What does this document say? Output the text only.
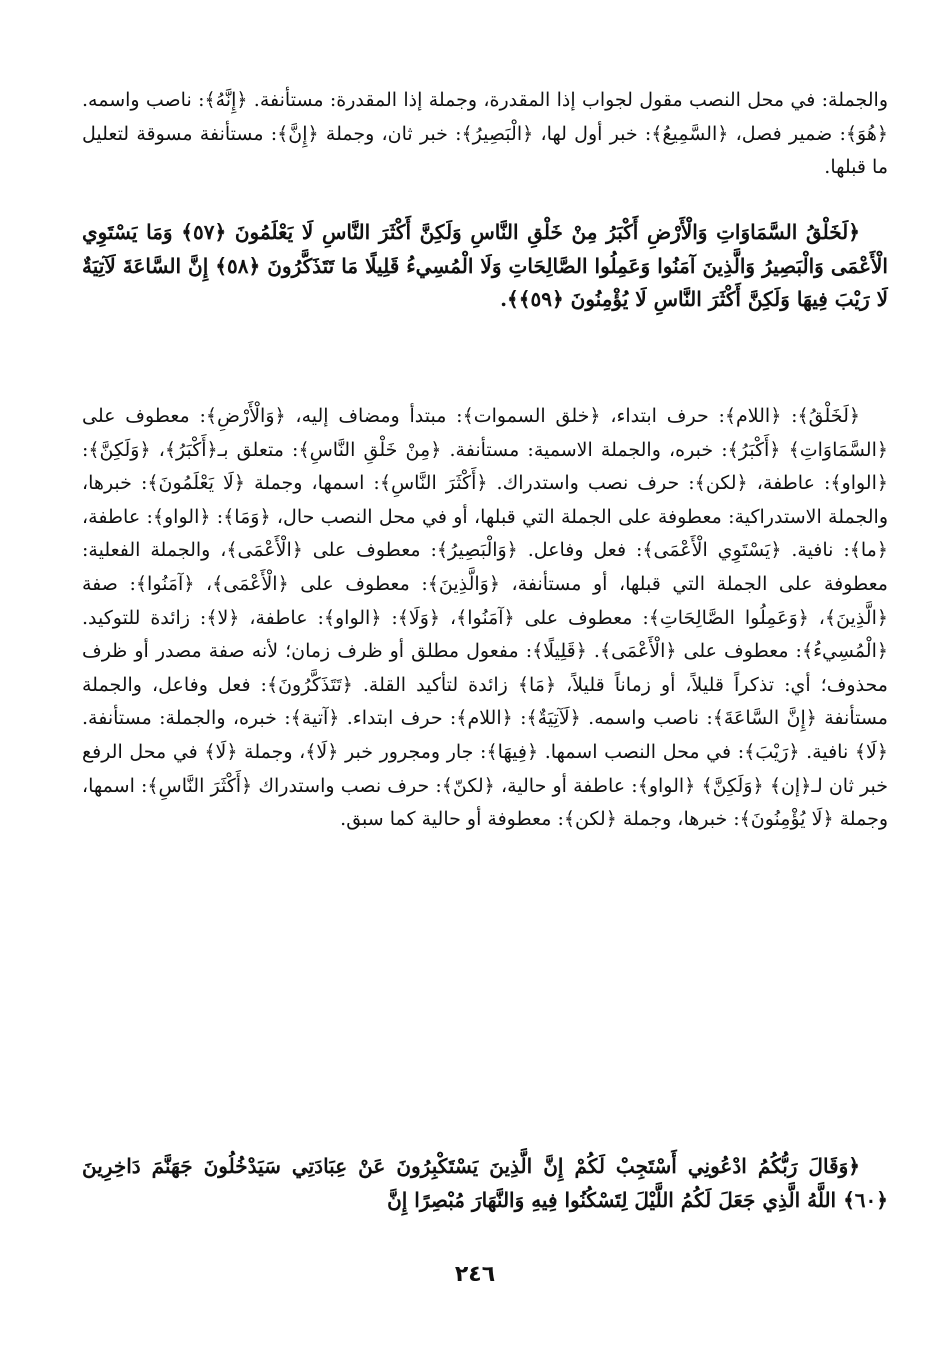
والجملة: في محل النصب مقول لجواب إذا المقدرة، وجملة إذا المقدرة: مستأنفة. ﴿إِنَّهُ﴾: ناصب واسمه. ﴿هُوَ﴾: ضمير فصل، ﴿السَّمِيعُ﴾: خبر أول لها، ﴿الْبَصِيرُ﴾: خبر ثان، وجملة ﴿إِنَّ﴾: مستأنفة مسوقة لتعليل ما قبلها.

﴿لَخَلْقُ السَّمَاوَاتِ وَالْأَرْضِ أَكْبَرُ مِنْ خَلْقِ النَّاسِ وَلَكِنَّ أَكْثَرَ النَّاسِ لَا يَعْلَمُونَ ﴿٥٧﴾ وَمَا يَسْتَوِي الْأَعْمَى وَالْبَصِيرُ وَالَّذِينَ آمَنُوا وَعَمِلُوا الصَّالِحَاتِ وَلَا الْمُسِيءُ قَلِيلًا مَا تَتَذَكَّرُونَ ﴿٥٨﴾ إِنَّ السَّاعَةَ لَآتِيَةٌ لَا رَيْبَ فِيهَا وَلَكِنَّ أَكْثَرَ النَّاسِ لَا يُؤْمِنُونَ ﴿٥٩﴾﴾.

﴿لَخَلْقُ﴾: ﴿اللام﴾: حرف ابتداء، ﴿خلق السموات﴾: مبتدأ ومضاف إليه، ﴿وَالْأَرْضِ﴾: معطوف على ﴿السَّمَاوَاتِ﴾ ﴿أَكْبَرُ﴾: خبره، والجملة الاسمية: مستأنفة. ﴿مِنْ خَلْقِ النَّاسِ﴾: متعلق بـ﴿أَكْبَرُ﴾، ﴿وَلَكِنَّ﴾: ﴿الواو﴾: عاطفة، ﴿لكن﴾: حرف نصب واستدراك. ﴿أَكْثَرَ النَّاسِ﴾: اسمها، وجملة ﴿لَا يَعْلَمُونَ﴾: خبرها، والجملة الاستدراكية: معطوفة على الجملة التي قبلها، أو في محل النصب حال، ﴿وَمَا﴾: ﴿الواو﴾: عاطفة، ﴿ما﴾: نافية. ﴿يَسْتَوِي الْأَعْمَى﴾: فعل وفاعل. ﴿وَالْبَصِيرُ﴾: معطوف على ﴿الْأَعْمَى﴾، والجملة الفعلية: معطوفة على الجملة التي قبلها، أو مستأنفة، ﴿وَالَّذِينَ﴾: معطوف على ﴿الْأَعْمَى﴾، ﴿آمَنُوا﴾: صفة ﴿الَّذِينَ﴾، ﴿وَعَمِلُوا الصَّالِحَاتِ﴾: معطوف على ﴿آمَنُوا﴾، ﴿وَلَا﴾: ﴿الواو﴾: عاطفة، ﴿لا﴾: زائدة للتوكيد. ﴿الْمُسِيءُ﴾: معطوف على ﴿الْأَعْمَى﴾. ﴿قَلِيلًا﴾: مفعول مطلق أو ظرف زمان؛ لأنه صفة مصدر أو ظرف محذوف؛ أي: تذكراً قليلاً، أو زماناً قليلاً، ﴿مَا﴾ زائدة لتأكيد القلة. ﴿تَتَذَكَّرُونَ﴾: فعل وفاعل، والجملة مستأنفة ﴿إِنَّ السَّاعَةَ﴾: ناصب واسمه. ﴿لَآتِيَةٌ﴾: ﴿اللام﴾: حرف ابتداء. ﴿آتية﴾: خبره، والجملة: مستأنفة. ﴿لَا﴾ نافية. ﴿رَيْبَ﴾: في محل النصب اسمها. ﴿فِيهَا﴾: جار ومجرور خبر ﴿لَا﴾، وجملة ﴿لَا﴾ في محل الرفع خبر ثان لـ﴿إن﴾ ﴿وَلَكِنَّ﴾ ﴿الواو﴾: عاطفة أو حالية، ﴿لكنّ﴾: حرف نصب واستدراك ﴿أَكْثَرَ النَّاسِ﴾: اسمها، وجملة ﴿لَا يُؤْمِنُونَ﴾: خبرها، وجملة ﴿لكن﴾: معطوفة أو حالية كما سبق.

﴿وَقَالَ رَبُّكُمُ ادْعُونِي أَسْتَجِبْ لَكُمْ إِنَّ الَّذِينَ يَسْتَكْبِرُونَ عَنْ عِبَادَتِي سَيَدْخُلُونَ جَهَنَّمَ دَاخِرِينَ ﴿٦٠﴾ اللَّهُ الَّذِي جَعَلَ لَكُمُ اللَّيْلَ لِتَسْكُنُوا فِيهِ وَالنَّهَارَ مُبْصِرًا إِنَّ

٢٤٦
